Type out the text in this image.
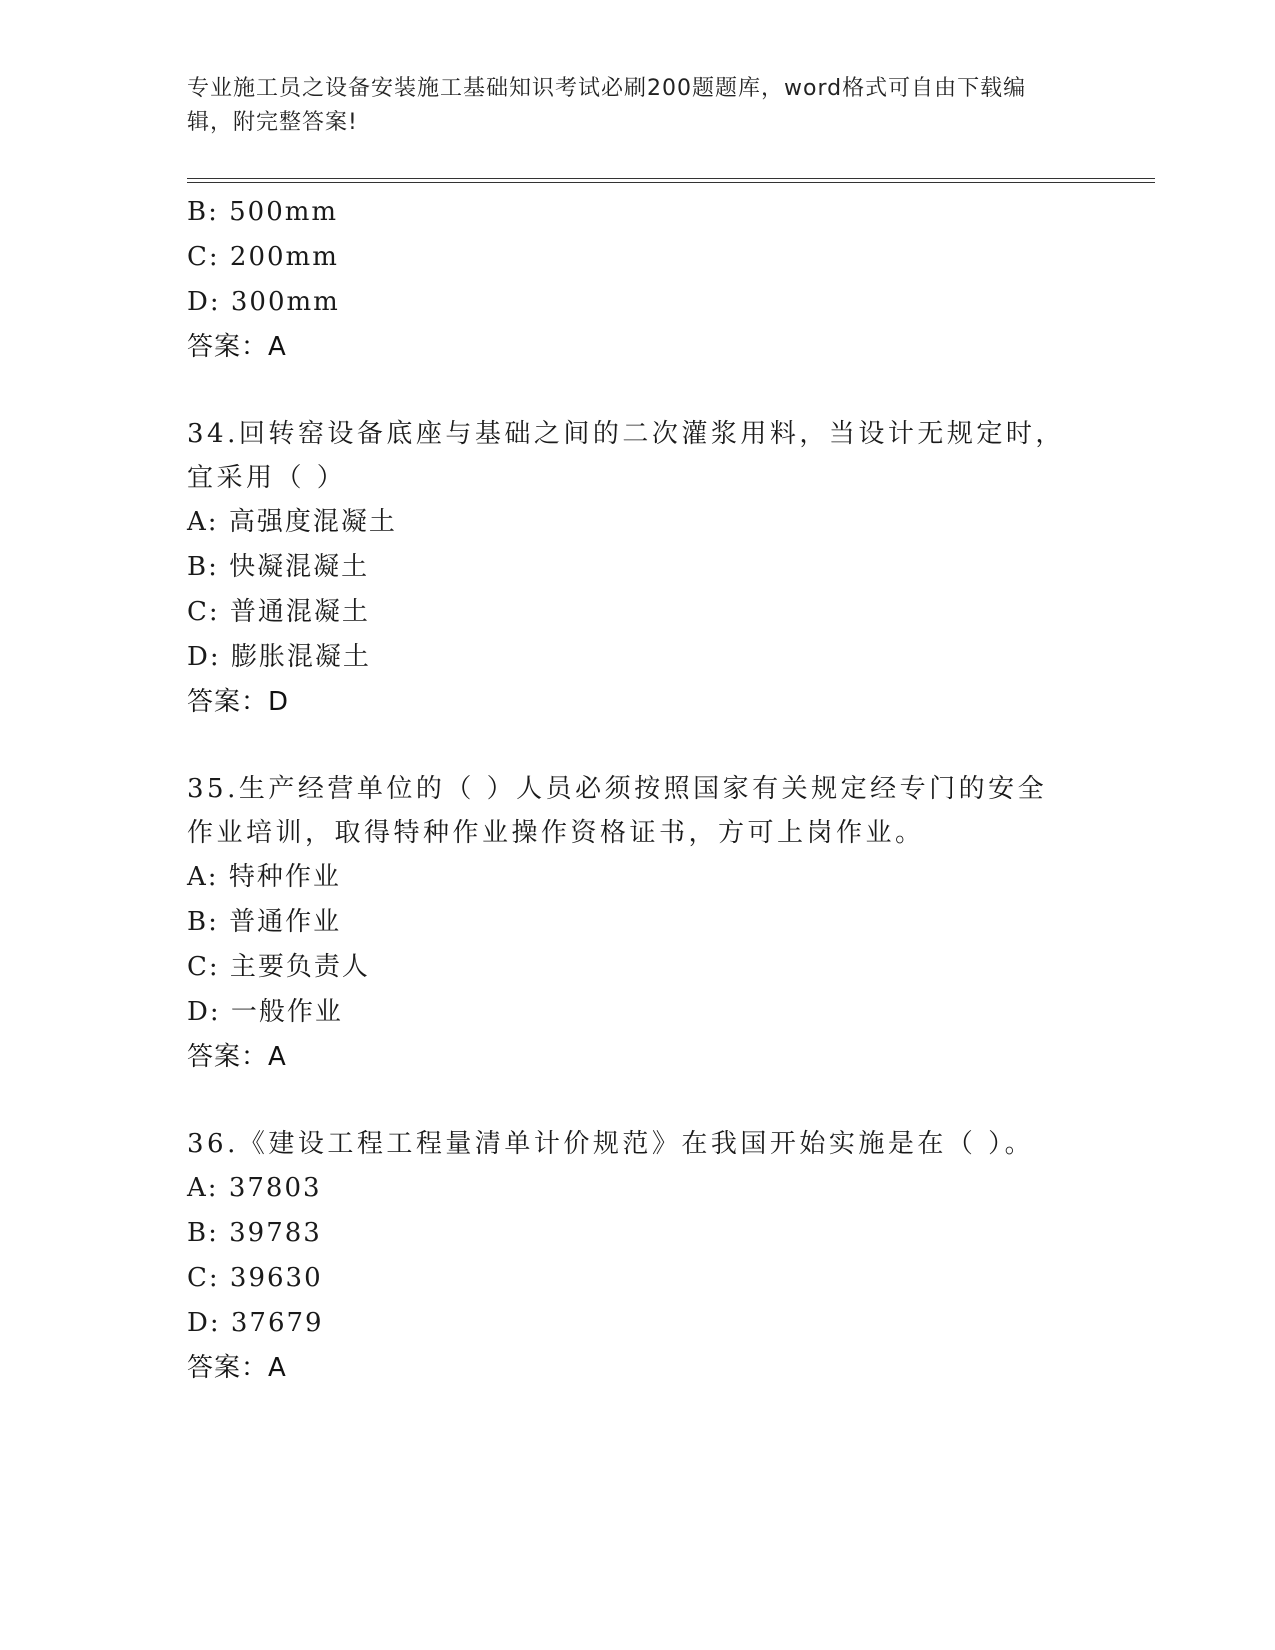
专业施工员之设备安装施工基础知识考试必刷200题题库，word格式可自由下载编辑，附完整答案!
B: 500mm
C: 200mm
D: 300mm
答案：A
34.回转窑设备底座与基础之间的二次灌浆用料，当设计无规定时，宜采用（ ）
A: 高强度混凝土
B: 快凝混凝土
C: 普通混凝土
D: 膨胀混凝土
答案：D
35.生产经营单位的（ ）人员必须按照国家有关规定经专门的安全作业培训，取得特种作业操作资格证书，方可上岗作业。
A: 特种作业
B: 普通作业
C: 主要负责人
D: 一般作业
答案：A
36.《建设工程工程量清单计价规范》在我国开始实施是在（ ）。
A: 37803
B: 39783
C: 39630
D: 37679
答案：A
